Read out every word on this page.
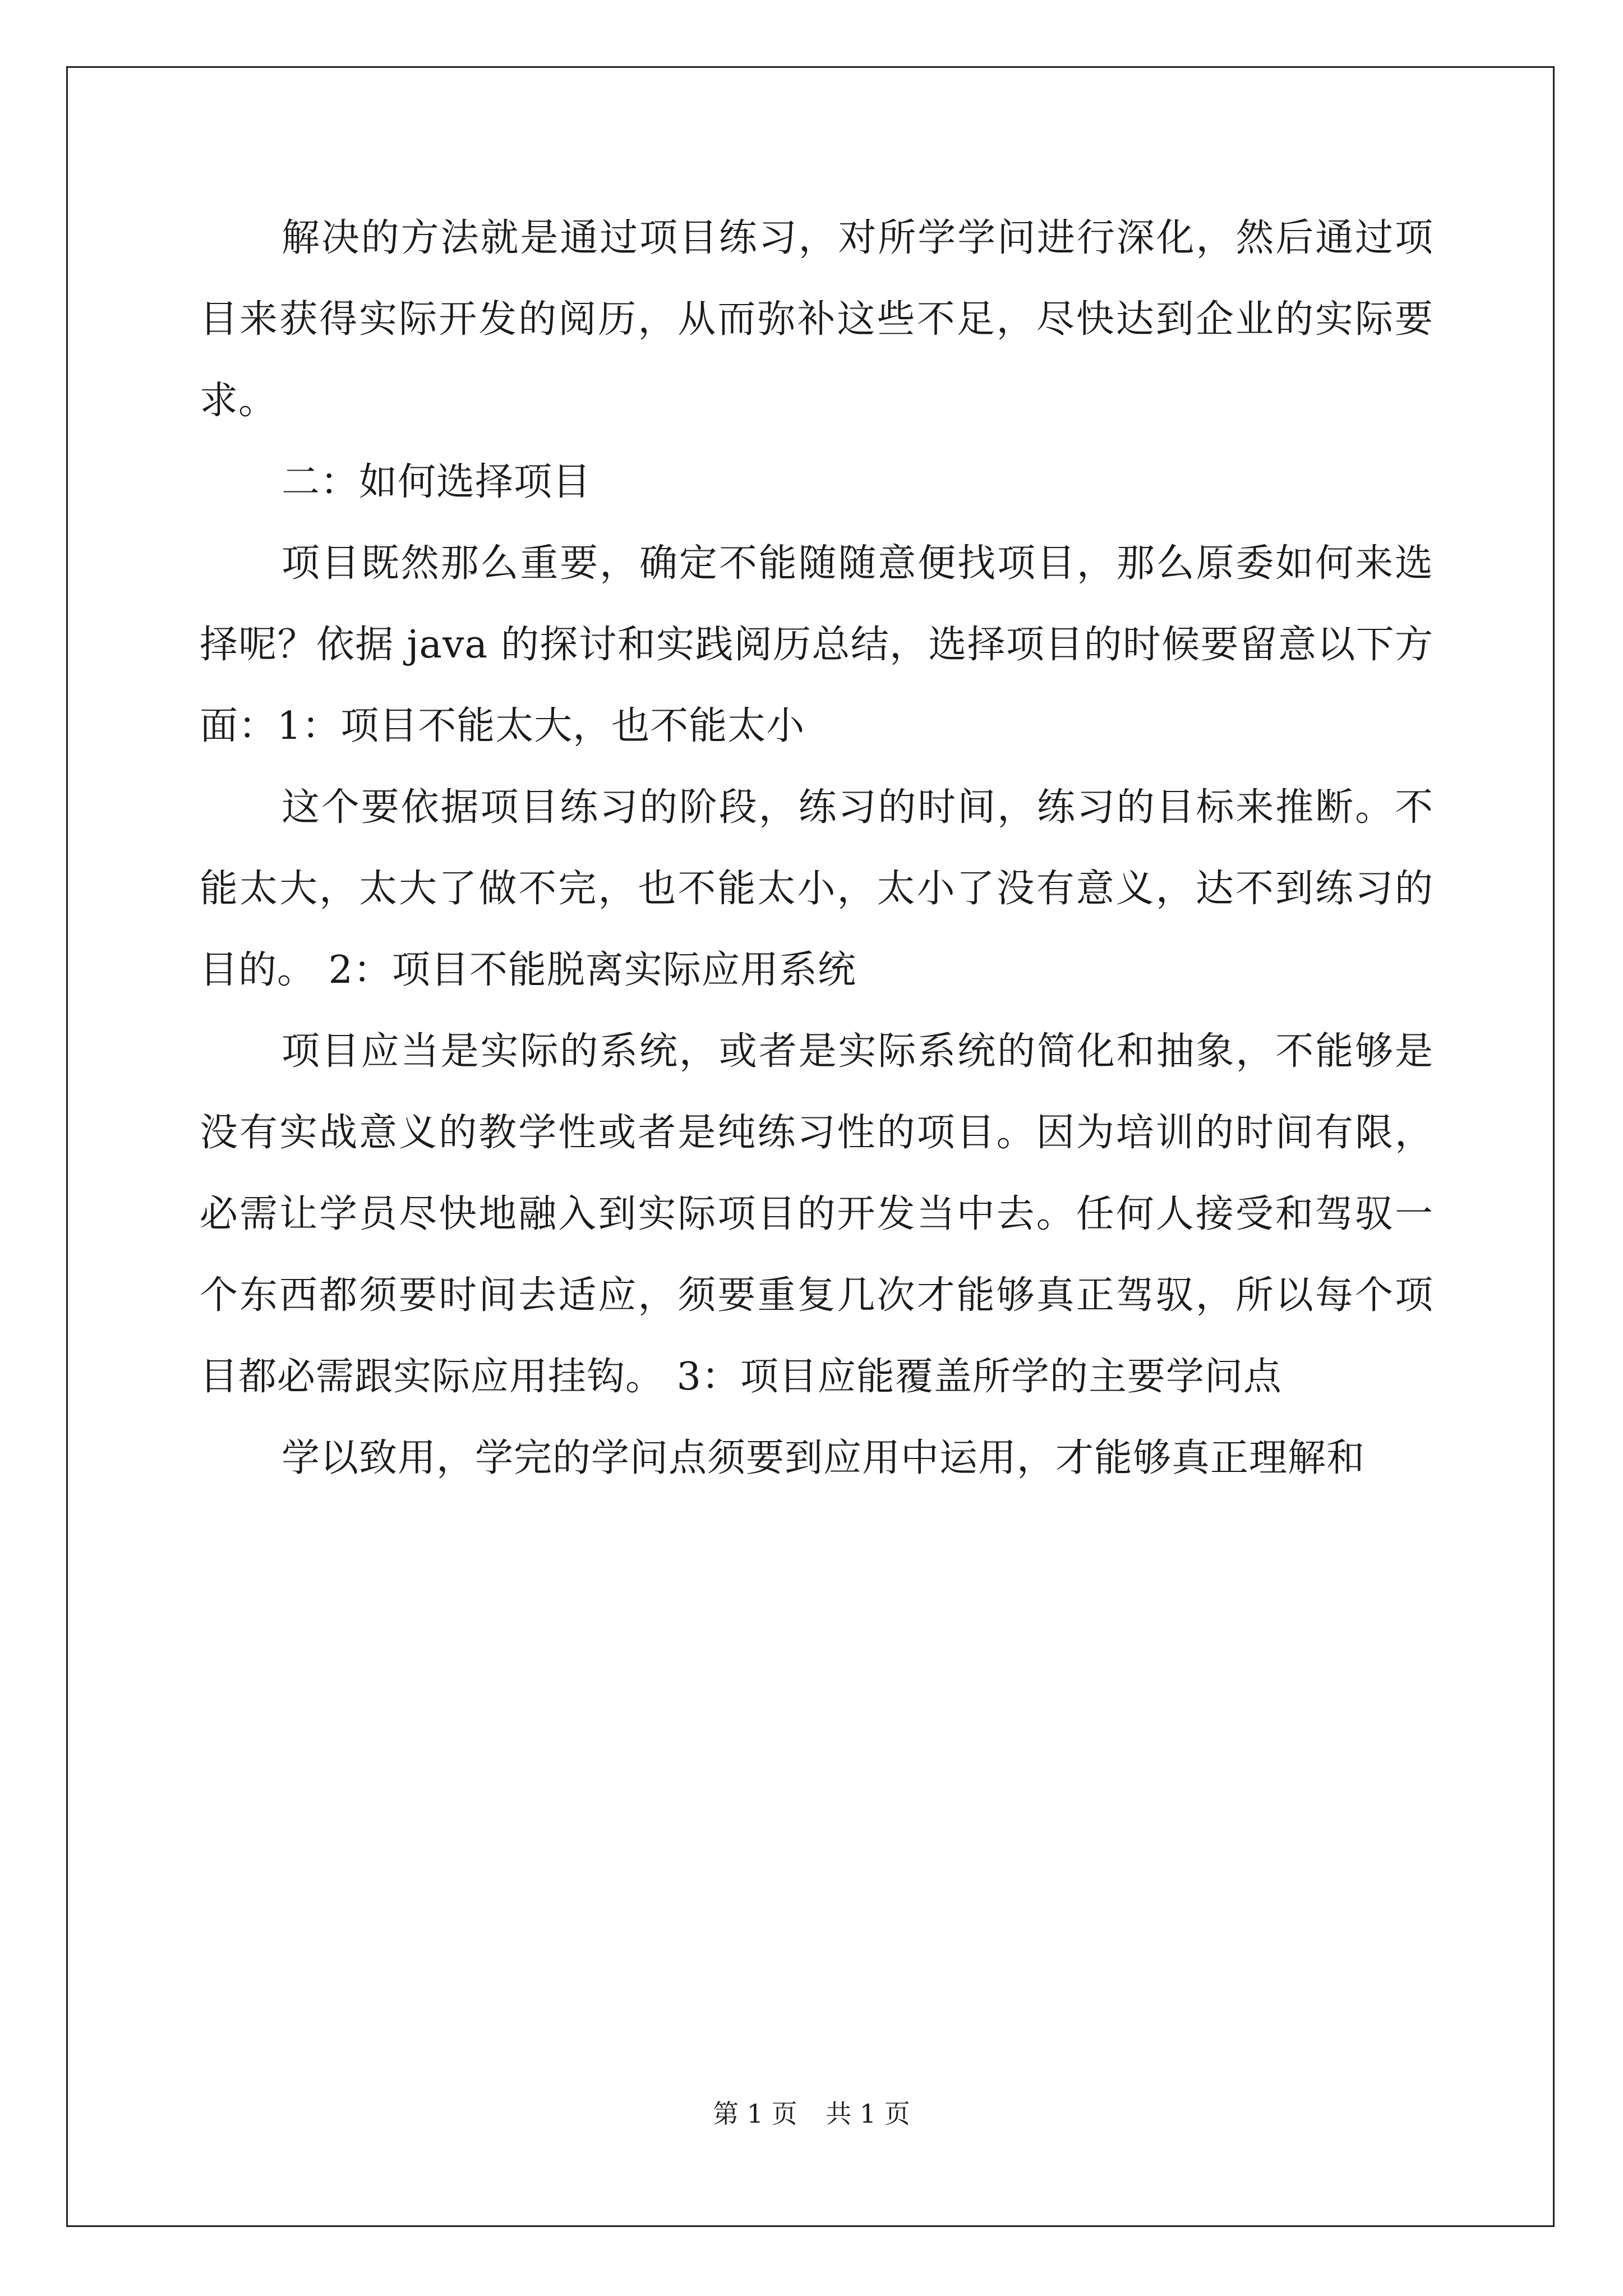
解决的方法就是通过项目练习，对所学学问进行深化，然后通过项目来获得实际开发的阅历，从而弥补这些不足，尽快达到企业的实际要求。

二：如何选择项目

项目既然那么重要，确定不能随随意便找项目，那么原委如何来选择呢？依据 java 的探讨和实践阅历总结，选择项目的时候要留意以下方面：1：项目不能太大，也不能太小

这个要依据项目练习的阶段，练习的时间，练习的目标来推断。不能太大，太大了做不完，也不能太小，太小了没有意义，达不到练习的目的。 2：项目不能脱离实际应用系统

项目应当是实际的系统，或者是实际系统的简化和抽象，不能够是没有实战意义的教学性或者是纯练习性的项目。因为培训的时间有限，必需让学员尽快地融入到实际项目的开发当中去。任何人接受和驾驭一个东西都须要时间去适应，须要重复几次才能够真正驾驭，所以每个项目都必需跟实际应用挂钩。 3：项目应能覆盖所学的主要学问点

学以致用，学完的学问点须要到应用中运用，才能够真正理解和

第 1 页 共 1 页
